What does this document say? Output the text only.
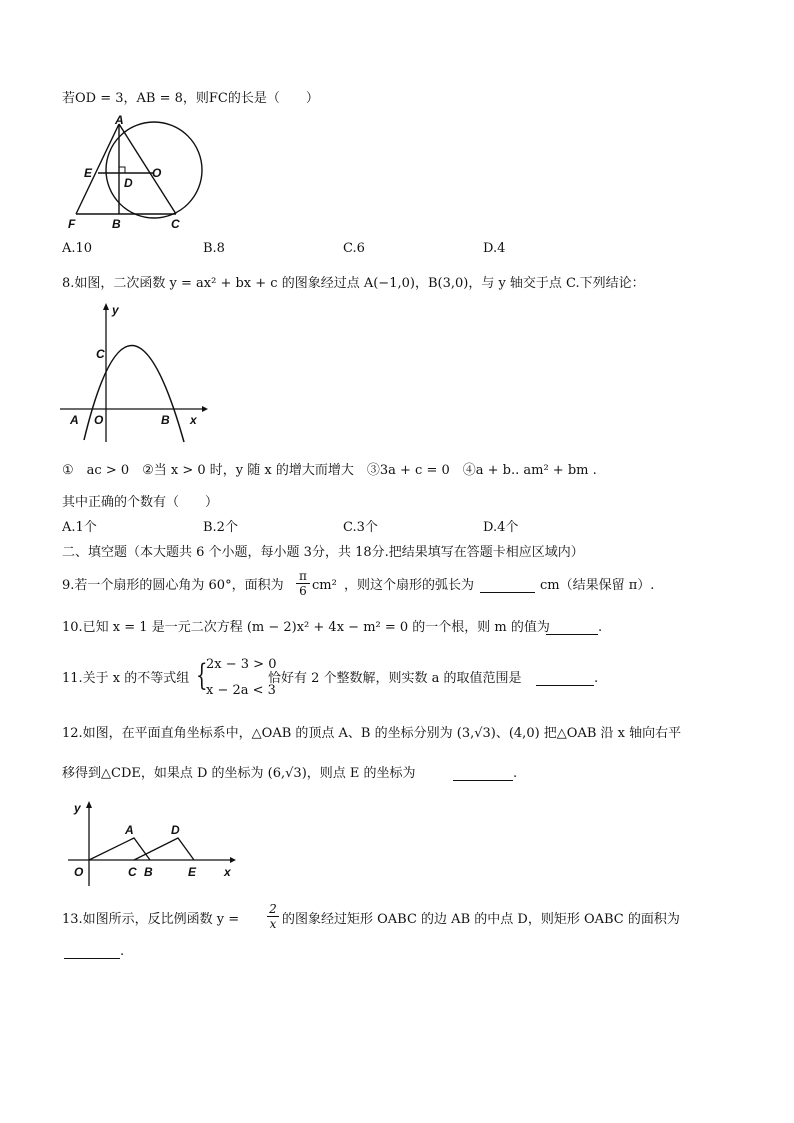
若OD = 3，AB = 8，则FC的长是（　　）
A
E
D
O
F	B	C
A.10	B.8	C.6	D.4
8.如图，二次函数 y = ax² + bx + c 的图象经过点 A(−1,0)，B(3,0)，与 y 轴交于点 C.下列结论：
y
C
A O	B x
①　ac > 0　②当 x > 0 时，y 随 x 的增大而增大　③3a + c = 0　④a + b.. am² + bm .
其中正确的个数有（　　）
A.1个	B.2个	C.3个	D.4个
二、填空题（本大题共 6 个小题，每小题 3分，共 18分.把结果填写在答题卡相应区域内）
9.若一个扇形的圆心角为 60°，面积为
π
6 cm² ，则这个扇形的弧长为	cm（结果保留 π）.
10.已知 x = 1 是一元二次方程 (m − 2)x² + 4x − m² = 0 的一个根，则 m 的值为	.
11.关于 x 的不等式组 {
2x − 3 > 0
x − 2a < 3
恰好有 2 个整数解，则实数 a 的取值范围是	.
12.如图，在平面直角坐标系中，△OAB 的顶点 A、B 的坐标分别为 (3,√3)、(4,0) 把△OAB 沿 x 轴向右平
移得到△CDE，如果点 D 的坐标为 (6,√3)，则点 E 的坐标为	.
y
A	D
O	C B	E x
13.如图所示，反比例函数 y =
2
x 的图象经过矩形 OABC 的边 AB 的中点 D，则矩形 OABC 的面积为
.
